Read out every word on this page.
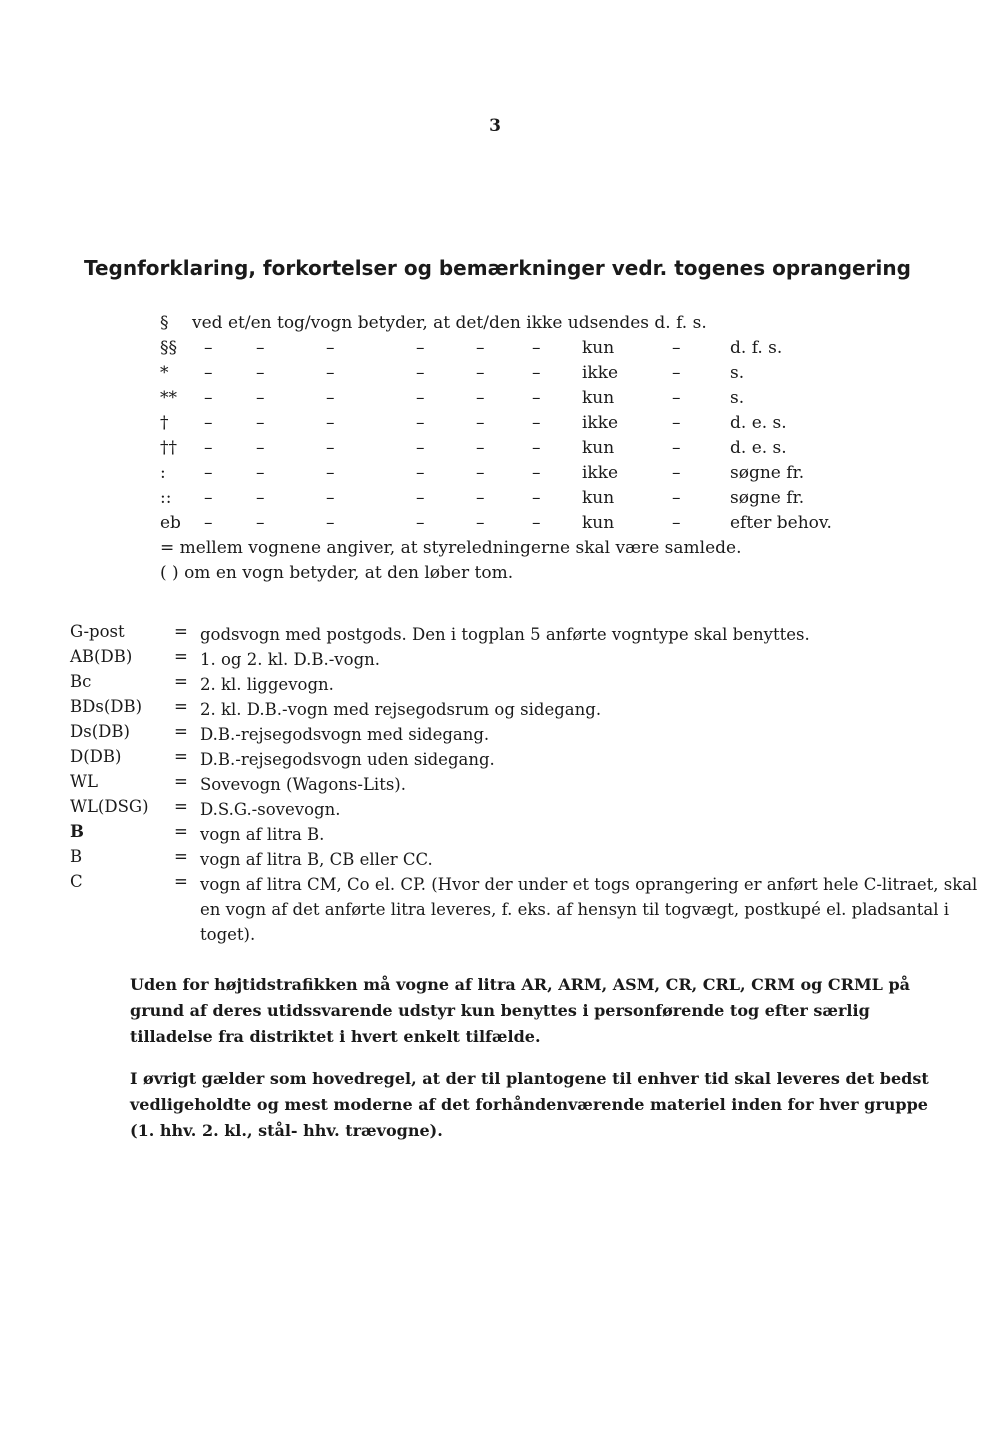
3
Tegnforklaring, forkortelser og bemærkninger vedr. togenes oprangering
§ ved et/en tog/vogn betyder, at det/den ikke udsendes d. f. s.
§§ –	–	–	–	–	– kun	–	d. f. s.
* –	–	–	–	–	– ikke	–	s.
** –	–	–	–	–	– kun	–	s.
† –	–	–	–	–	– ikke	–	d. e. s.
†† –	–	–	–	–	– kun	–	d. e. s.
: –	–	–	–	–	– ikke	–	søgne fr.
:: –	–	–	–	–	– kun	–	søgne fr.
eb –	–	–	–	–	– kun	–	efter behov.
= mellem vognene angiver, at styreledningerne skal være samlede.
( ) om en vogn betyder, at den løber tom.
G-post	= godsvogn med postgods. Den i togplan 5 anførte vogntype skal benyttes.
AB(DB)	= 1. og 2. kl. D.B.-vogn.
Bc	= 2. kl. liggevogn.
BDs(DB) = 2. kl. D.B.-vogn med rejsegodsrum og sidegang.
Ds(DB)	= D.B.-rejsegodsvogn med sidegang.
D(DB)	= D.B.-rejsegodsvogn uden sidegang.
WL	= Sovevogn (Wagons-Lits).
WL(DSG) = D.S.G.-sovevogn.
B	= vogn af litra B.
B	= vogn af litra B, CB eller CC.
C	= vogn af litra CM, Co el. CP. (Hvor der under et togs oprangering er anført hele C-litraet, skal en vogn af det anførte litra leveres, f. eks. af hensyn til togvægt, postkupé el. pladsantal i toget).

Uden for højtidstrafikken må vogne af litra AR, ARM, ASM, CR, CRL, CRM og CRML på grund af deres utidssvarende udstyr kun benyttes i personførende tog efter særlig tilladelse fra distriktet i hvert enkelt tilfælde.

I øvrigt gælder som hovedregel, at der til plantogene til enhver tid skal leveres det bedst vedligeholdte og mest moderne af det forhåndenværende materiel inden for hver gruppe (1. hhv. 2. kl., stål- hhv. trævogne).
